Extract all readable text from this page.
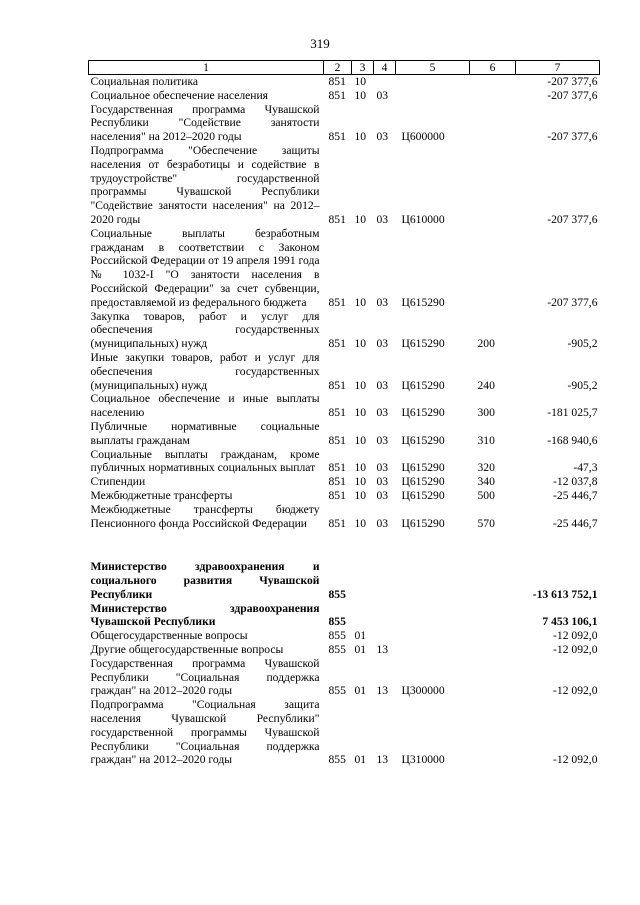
319
1	2	3	4	5	6	7
Социальная политика	851	10				-207 377,6
Социальное обеспечение населения	851	10	03			-207 377,6
Государственная программа Чувашской Республики "Содействие занятости населения" на 2012–2020 годы	851	10	03	Ц600000		-207 377,6
Подпрограмма "Обеспечение защиты населения от безработицы и содействие в трудоустройстве" государственной программы Чувашской Республики "Содействие занятости населения" на 2012–2020 годы	851	10	03	Ц610000		-207 377,6
Социальные выплаты безработным гражданам в соответствии с Законом Российской Федерации от 19 апреля 1991 года № 1032-I "О занятости населения в Российской Федерации" за счет субвенции, предоставляемой из федерального бюджета	851	10	03	Ц615290		-207 377,6
Закупка товаров, работ и услуг для обеспечения государственных (муниципальных) нужд	851	10	03	Ц615290	200	-905,2
Иные закупки товаров, работ и услуг для обеспечения государственных (муниципальных) нужд	851	10	03	Ц615290	240	-905,2
Социальное обеспечение и иные выплаты населению	851	10	03	Ц615290	300	-181 025,7
Публичные нормативные социальные выплаты гражданам	851	10	03	Ц615290	310	-168 940,6
Социальные выплаты гражданам, кроме публичных нормативных социальных выплат	851	10	03	Ц615290	320	-47,3
Стипендии	851	10	03	Ц615290	340	-12 037,8
Межбюджетные трансферты	851	10	03	Ц615290	500	-25 446,7
Межбюджетные трансферты бюджету Пенсионного фонда Российской Федерации	851	10	03	Ц615290	570	-25 446,7

Министерство здравоохранения и социального развития Чувашской Республики	855					-13 613 752,1
Министерство здравоохранения Чувашской Республики	855					7 453 106,1
Общегосударственные вопросы	855	01				-12 092,0
Другие общегосударственные вопросы	855	01	13			-12 092,0
Государственная программа Чувашской Республики "Социальная поддержка граждан" на 2012–2020 годы	855	01	13	Ц300000		-12 092,0
Подпрограмма "Социальная защита населения Чувашской Республики" государственной программы Чувашской Республики "Социальная поддержка граждан" на 2012–2020 годы	855	01	13	Ц310000		-12 092,0
